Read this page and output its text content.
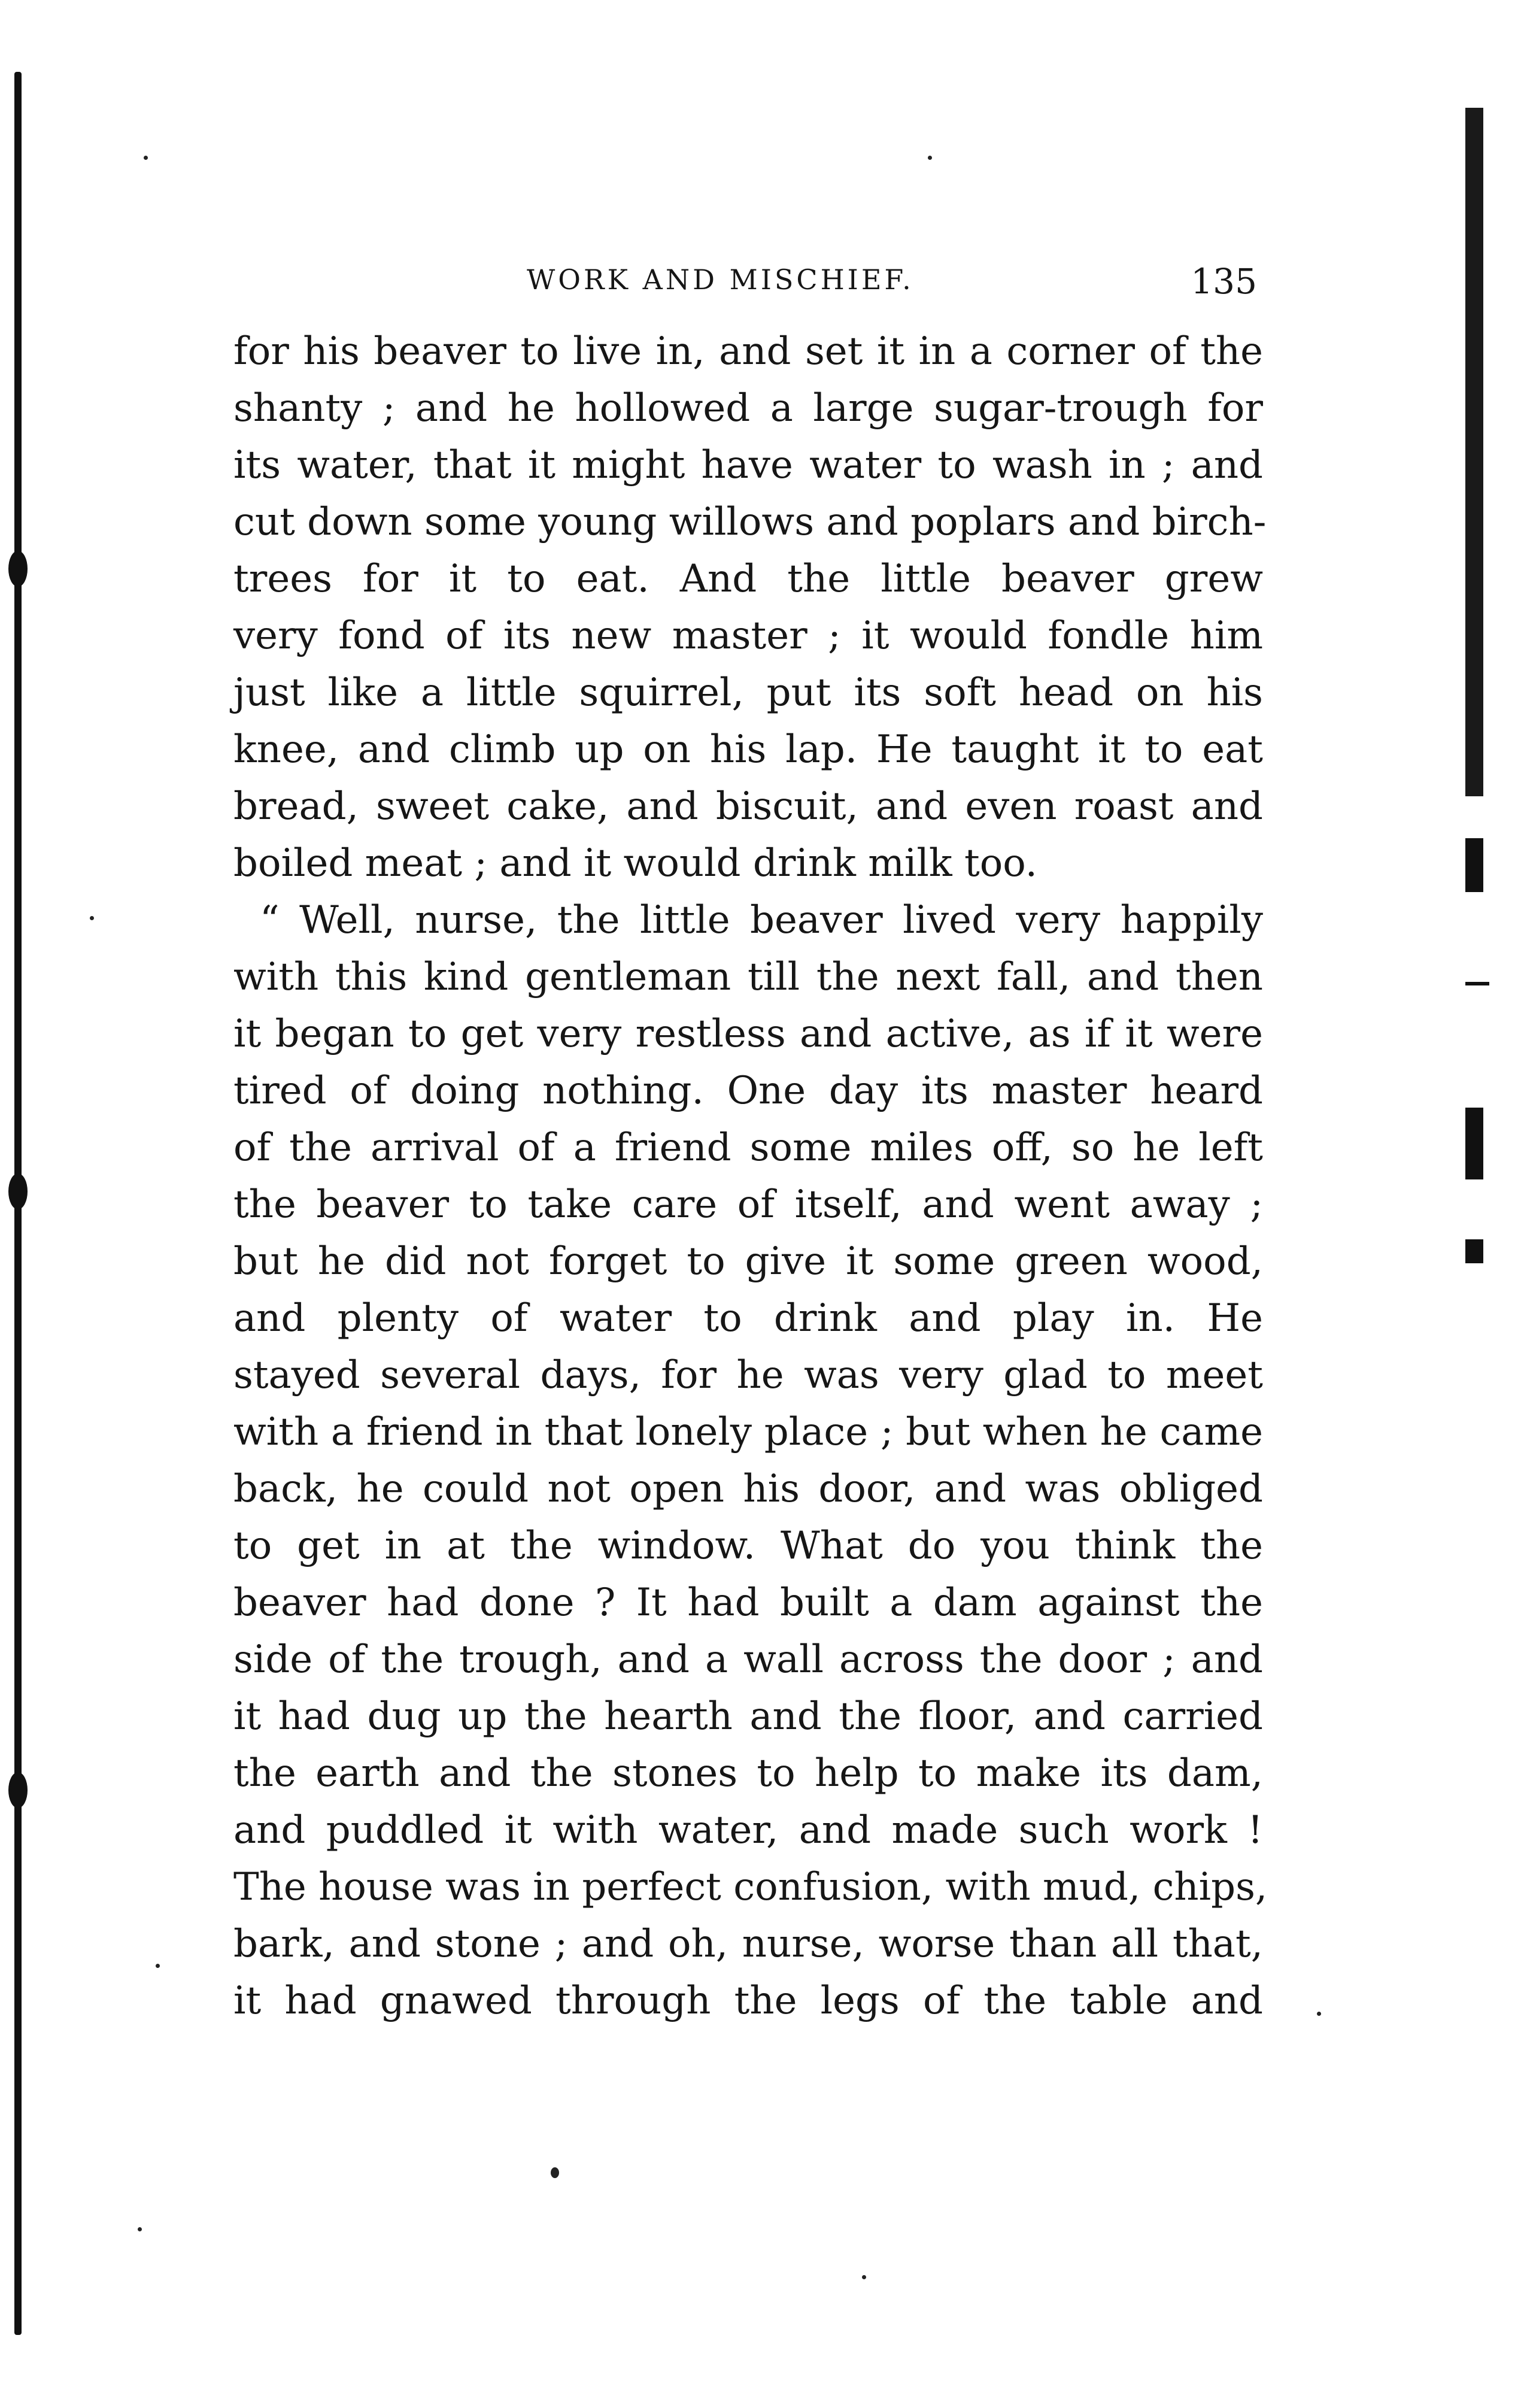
WORK AND MISCHIEF.	135
for his beaver to live in, and set it in a corner of the
shanty ; and he hollowed a large sugar-trough for
its water, that it might have water to wash in ; and
cut down some young willows and poplars and birch-
trees for it to eat. And the little beaver grew
very fond of its new master ; it would fondle him
just like a little squirrel, put its soft head on his
knee, and climb up on his lap. He taught it to eat
bread, sweet cake, and biscuit, and even roast and
boiled meat ; and it would drink milk too.
“ Well, nurse, the little beaver lived very happily
with this kind gentleman till the next fall, and then
it began to get very restless and active, as if it were
tired of doing nothing. One day its master heard
of the arrival of a friend some miles off, so he left
the beaver to take care of itself, and went away ;
but he did not forget to give it some green wood,
and plenty of water to drink and play in. He
stayed several days, for he was very glad to meet
with a friend in that lonely place ; but when he came
back, he could not open his door, and was obliged
to get in at the window. What do you think the
beaver had done ? It had built a dam against the
side of the trough, and a wall across the door ; and
it had dug up the hearth and the floor, and carried
the earth and the stones to help to make its dam,
and puddled it with water, and made such work !
The house was in perfect confusion, with mud, chips,
bark, and stone ; and oh, nurse, worse than all that,
it had gnawed through the legs of the table and
